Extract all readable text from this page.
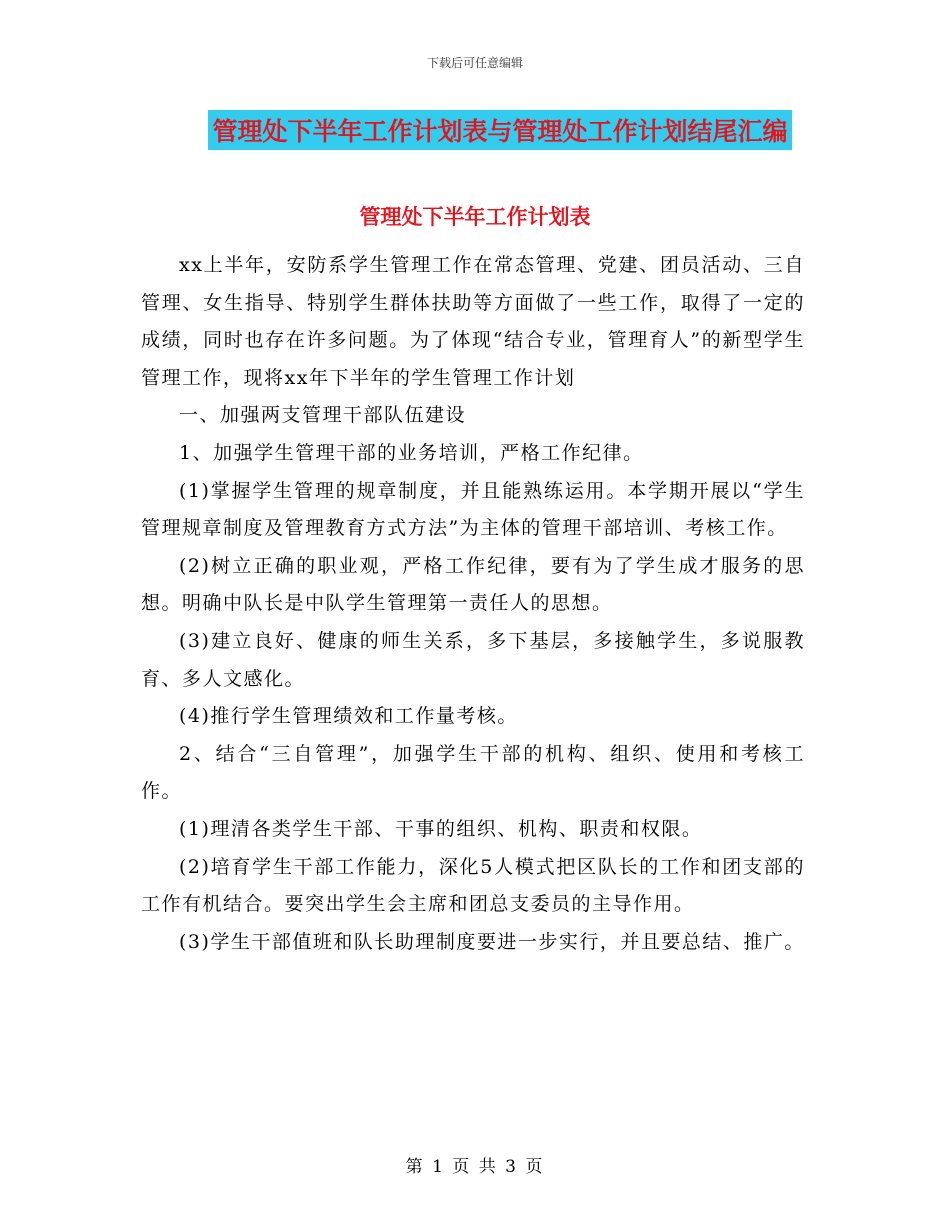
下载后可任意编辑
管理处下半年工作计划表与管理处工作计划结尾汇编
管理处下半年工作计划表

xx上半年，安防系学生管理工作在常态管理、党建、团员活动、三自管理、女生指导、特别学生群体扶助等方面做了一些工作，取得了一定的成绩，同时也存在许多问题。为了体现“结合专业，管理育人”的新型学生管理工作，现将xx年下半年的学生管理工作计划

一、加强两支管理干部队伍建设

1、加强学生管理干部的业务培训，严格工作纪律。

(1)掌握学生管理的规章制度，并且能熟练运用。本学期开展以“学生管理规章制度及管理教育方式方法”为主体的管理干部培训、考核工作。

(2)树立正确的职业观，严格工作纪律，要有为了学生成才服务的思想。明确中队长是中队学生管理第一责任人的思想。

(3)建立良好、健康的师生关系，多下基层，多接触学生，多说服教育、多人文感化。

(4)推行学生管理绩效和工作量考核。

2、结合“三自管理”，加强学生干部的机构、组织、使用和考核工作。

(1)理清各类学生干部、干事的组织、机构、职责和权限。

(2)培育学生干部工作能力，深化5人模式把区队长的工作和团支部的工作有机结合。要突出学生会主席和团总支委员的主导作用。

(3)学生干部值班和队长助理制度要进一步实行，并且要总结、推广。

第 1 页 共 3 页
